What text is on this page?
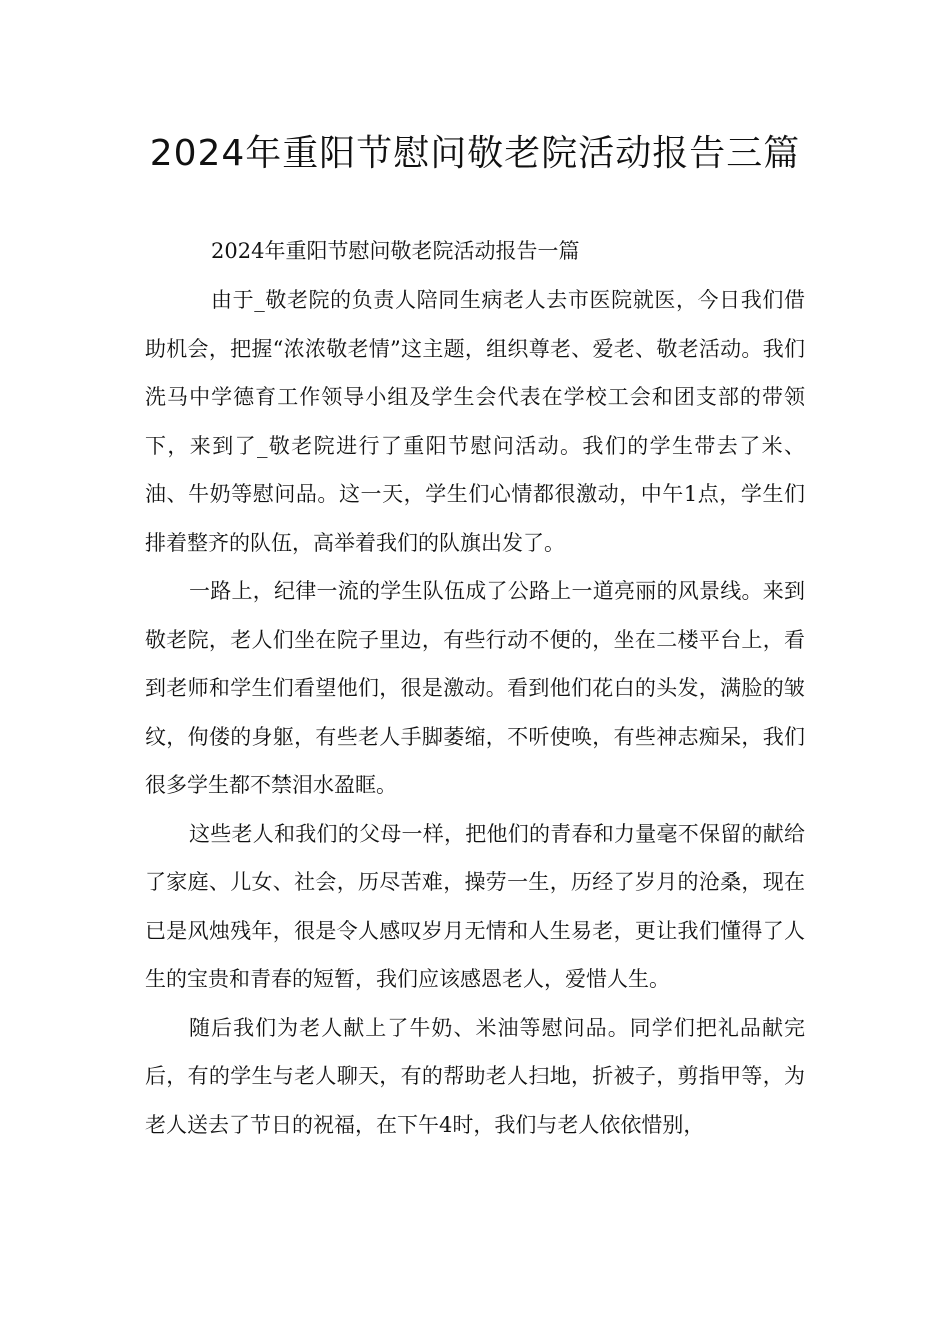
2024年重阳节慰问敬老院活动报告三篇

2024年重阳节慰问敬老院活动报告一篇

由于_敬老院的负责人陪同生病老人去市医院就医，今日我们借助机会，把握“浓浓敬老情”这主题，组织尊老、爱老、敬老活动。我们洗马中学德育工作领导小组及学生会代表在学校工会和团支部的带领下，来到了_敬老院进行了重阳节慰问活动。我们的学生带去了米、油、牛奶等慰问品。这一天，学生们心情都很激动，中午1点，学生们排着整齐的队伍，高举着我们的队旗出发了。

一路上，纪律一流的学生队伍成了公路上一道亮丽的风景线。来到敬老院，老人们坐在院子里边，有些行动不便的，坐在二楼平台上，看到老师和学生们看望他们，很是激动。看到他们花白的头发，满脸的皱纹，佝偻的身躯，有些老人手脚萎缩，不听使唤，有些神志痴呆，我们很多学生都不禁泪水盈眶。

这些老人和我们的父母一样，把他们的青春和力量毫不保留的献给了家庭、儿女、社会，历尽苦难，操劳一生，历经了岁月的沧桑，现在已是风烛残年，很是令人感叹岁月无情和人生易老，更让我们懂得了人生的宝贵和青春的短暂，我们应该感恩老人，爱惜人生。

随后我们为老人献上了牛奶、米油等慰问品。同学们把礼品献完后，有的学生与老人聊天，有的帮助老人扫地，折被子，剪指甲等，为老人送去了节日的祝福，在下午4时，我们与老人依依惜别，
